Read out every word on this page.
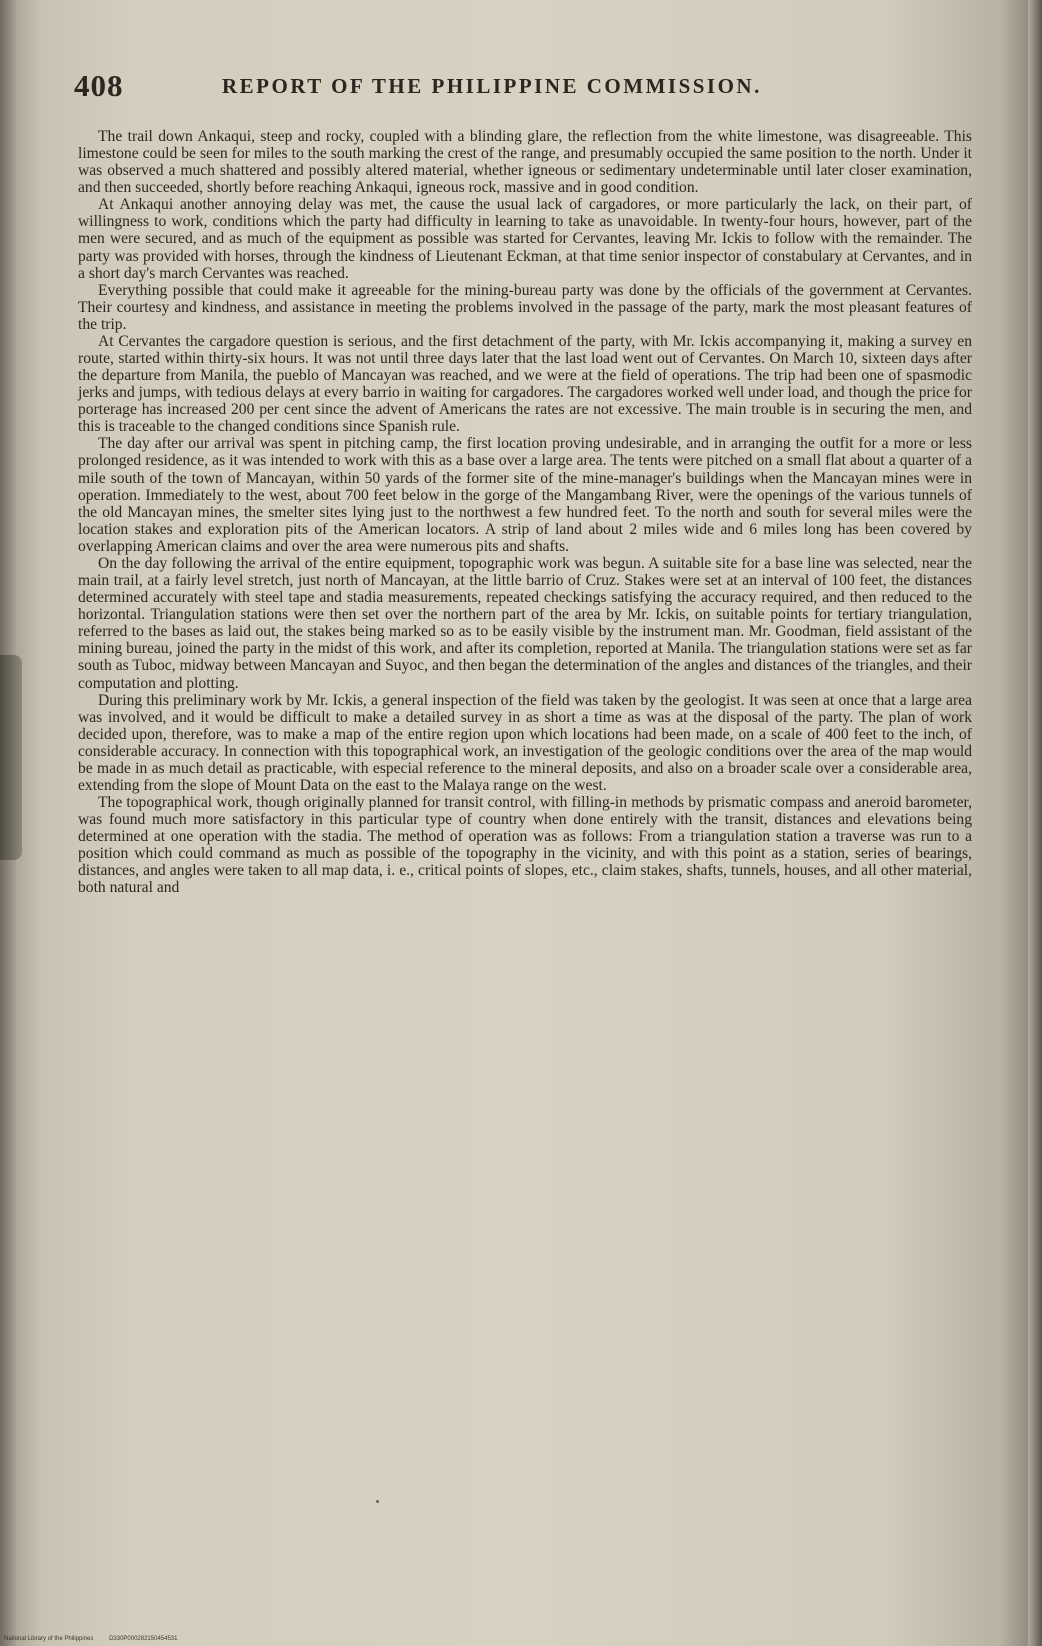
408	REPORT OF THE PHILIPPINE COMMISSION.

The trail down Ankaqui, steep and rocky, coupled with a blinding glare, the reflection from the white limestone, was disagreeable. This limestone could be seen for miles to the south marking the crest of the range, and presumably occupied the same position to the north. Under it was observed a much shattered and possibly altered material, whether igneous or sedimentary undeterminable until later closer examination, and then succeeded, shortly before reaching Ankaqui, igneous rock, massive and in good condition.

At Ankaqui another annoying delay was met, the cause the usual lack of cargadores, or more particularly the lack, on their part, of willingness to work, conditions which the party had difficulty in learning to take as unavoidable. In twenty-four hours, however, part of the men were secured, and as much of the equipment as possible was started for Cervantes, leaving Mr. Ickis to follow with the remainder. The party was provided with horses, through the kindness of Lieutenant Eckman, at that time senior inspector of constabulary at Cervantes, and in a short day's march Cervantes was reached.

Everything possible that could make it agreeable for the mining-bureau party was done by the officials of the government at Cervantes. Their courtesy and kindness, and assistance in meeting the problems involved in the passage of the party, mark the most pleasant features of the trip.

At Cervantes the cargadore question is serious, and the first detachment of the party, with Mr. Ickis accompanying it, making a survey en route, started within thirty-six hours. It was not until three days later that the last load went out of Cervantes. On March 10, sixteen days after the departure from Manila, the pueblo of Mancayan was reached, and we were at the field of operations. The trip had been one of spasmodic jerks and jumps, with tedious delays at every barrio in waiting for cargadores. The cargadores worked well under load, and though the price for porterage has increased 200 per cent since the advent of Americans the rates are not excessive. The main trouble is in securing the men, and this is traceable to the changed conditions since Spanish rule.

The day after our arrival was spent in pitching camp, the first location proving undesirable, and in arranging the outfit for a more or less prolonged residence, as it was intended to work with this as a base over a large area. The tents were pitched on a small flat about a quarter of a mile south of the town of Mancayan, within 50 yards of the former site of the mine-manager's buildings when the Mancayan mines were in operation. Immediately to the west, about 700 feet below in the gorge of the Mangambang River, were the openings of the various tunnels of the old Mancayan mines, the smelter sites lying just to the northwest a few hundred feet. To the north and south for several miles were the location stakes and exploration pits of the American locators. A strip of land about 2 miles wide and 6 miles long has been covered by overlapping American claims and over the area were numerous pits and shafts.

On the day following the arrival of the entire equipment, topographic work was begun. A suitable site for a base line was selected, near the main trail, at a fairly level stretch, just north of Mancayan, at the little barrio of Cruz. Stakes were set at an interval of 100 feet, the distances determined accurately with steel tape and stadia measurements, repeated checkings satisfying the accuracy required, and then reduced to the horizontal. Triangulation stations were then set over the northern part of the area by Mr. Ickis, on suitable points for tertiary triangulation, referred to the bases as laid out, the stakes being marked so as to be easily visible by the instrument man. Mr. Goodman, field assistant of the mining bureau, joined the party in the midst of this work, and after its completion, reported at Manila. The triangulation stations were set as far south as Tuboc, midway between Mancayan and Suyoc, and then began the determination of the angles and distances of the triangles, and their computation and plotting.

During this preliminary work by Mr. Ickis, a general inspection of the field was taken by the geologist. It was seen at once that a large area was involved, and it would be difficult to make a detailed survey in as short a time as was at the disposal of the party. The plan of work decided upon, therefore, was to make a map of the entire region upon which locations had been made, on a scale of 400 feet to the inch, of considerable accuracy. In connection with this topographical work, an investigation of the geologic conditions over the area of the map would be made in as much detail as practicable, with especial reference to the mineral deposits, and also on a broader scale over a considerable area, extending from the slope of Mount Data on the east to the Malaya range on the west.

The topographical work, though originally planned for transit control, with filling-in methods by prismatic compass and aneroid barometer, was found much more satisfactory in this particular type of country when done entirely with the transit, distances and elevations being determined at one operation with the stadia. The method of operation was as follows: From a triangulation station a traverse was run to a position which could command as much as possible of the topography in the vicinity, and with this point as a station, series of bearings, distances, and angles were taken to all map data, i. e., critical points of slopes, etc., claim stakes, shafts, tunnels, houses, and all other material, both natural and

National Library of the Philippines	D330P000282150454531
